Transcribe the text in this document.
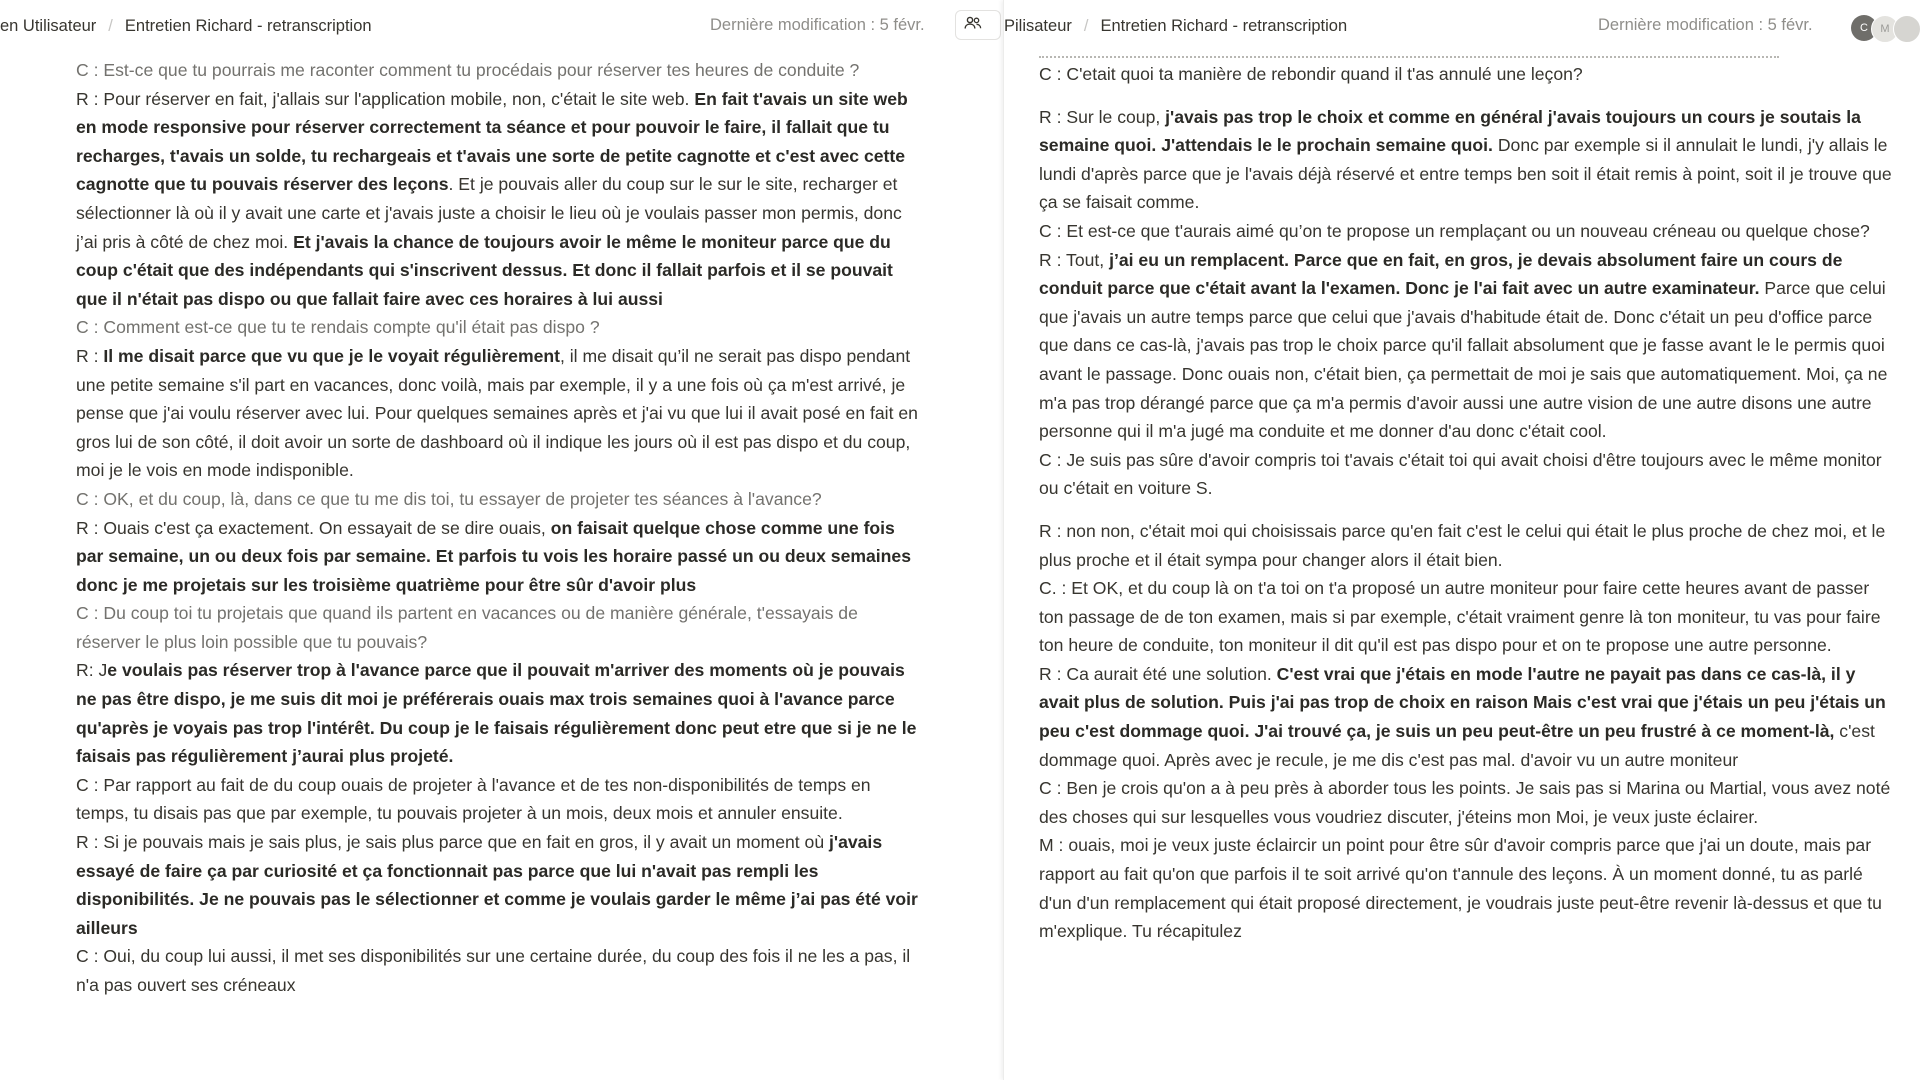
en Utilisateur / Entretien Richard - retranscription	Dernière modification : 5 févr.

C : Est-ce que tu pourrais me raconter comment tu procédais pour réserver tes heures de conduite ?

R : Pour réserver en fait, j'allais sur l'application mobile, non, c'était le site web. En fait t'avais un site web en mode responsive pour réserver correctement ta séance et pour pouvoir le faire, il fallait que tu recharges, t'avais un solde, tu rechargeais et t'avais une sorte de petite cagnotte et c'est avec cette cagnotte que tu pouvais réserver des leçons. Et je pouvais aller du coup sur le sur le site, recharger et sélectionner là où il y avait une carte et j'avais juste a choisir le lieu où je voulais passer mon permis, donc j’ai pris à côté de chez moi. Et j'avais la chance de toujours avoir le même le moniteur parce que du coup c'était que des indépendants qui s'inscrivent dessus. Et donc il fallait parfois et il se pouvait que il n'était pas dispo ou que fallait faire avec ces horaires à lui aussi

C : Comment est-ce que tu te rendais compte qu'il était pas dispo ?

R : Il me disait parce que vu que je le voyait régulièrement, il me disait qu’il ne serait pas dispo pendant une petite semaine s'il part en vacances, donc voilà, mais par exemple, il y a une fois où ça m'est arrivé, je pense que j'ai voulu réserver avec lui. Pour quelques semaines après et j'ai vu que lui il avait posé en fait en gros lui de son côté, il doit avoir un sorte de dashboard où il indique les jours où il est pas dispo et du coup, moi je le vois en mode indisponible.

C : OK, et du coup, là, dans ce que tu me dis toi, tu essayer de projeter tes séances à l'avance?

R : Ouais c'est ça exactement. On essayait de se dire ouais, on faisait quelque chose comme une fois par semaine, un ou deux fois par semaine. Et parfois tu vois les horaire passé un ou deux semaines donc je me projetais sur les troisième quatrième pour être sûr d'avoir plus

C : Du coup toi tu projetais que quand ils partent en vacances ou de manière générale, t'essayais de réserver le plus loin possible que tu pouvais?

R: Je voulais pas réserver trop à l'avance parce que il pouvait m'arriver des moments où je pouvais ne pas être dispo, je me suis dit moi je préférerais ouais max trois semaines quoi à l'avance parce qu'après je voyais pas trop l'intérêt. Du coup je le faisais régulièrement donc peut etre que si je ne le faisais pas régulièrement j’aurai plus projeté.

C : Par rapport au fait de du coup ouais de projeter à l'avance et de tes non-disponibilités de temps en temps, tu disais pas que par exemple, tu pouvais projeter à un mois, deux mois et annuler ensuite.

R : Si je pouvais mais je sais plus, je sais plus parce que en fait en gros, il y avait un moment où j'avais essayé de faire ça par curiosité et ça fonctionnait pas parce que lui n'avait pas rempli les disponibilités. Je ne pouvais pas le sélectionner et comme je voulais garder le même j’ai pas été voir ailleurs

C : Oui, du coup lui aussi, il met ses disponibilités sur une certaine durée, du coup des fois il ne les a pas, il n'a pas ouvert ses créneaux

Pilisateur / Entretien Richard - retranscription	Dernière modification : 5 févr.	C	M

C : C'etait quoi ta manière de rebondir quand il t'as annulé une leçon?

R : Sur le coup, j'avais pas trop le choix et comme en général j'avais toujours un cours je soutais la semaine quoi. J'attendais le le prochain semaine quoi. Donc par exemple si il annulait le lundi, j'y allais le lundi d'après parce que je l'avais déjà réservé et entre temps ben soit il était remis à point, soit il je trouve que ça se faisait comme.

C : Et est-ce que t'aurais aimé qu’on te propose un remplaçant ou un nouveau créneau ou quelque chose?

R : Tout, j’ai eu un remplacent. Parce que en fait, en gros, je devais absolument faire un cours de conduit parce que c'était avant la l'examen. Donc je l'ai fait avec un autre examinateur. Parce que celui que j'avais un autre temps parce que celui que j'avais d'habitude était de. Donc c'était un peu d'office parce que dans ce cas-là, j'avais pas trop le choix parce qu'il fallait absolument que je fasse avant le le permis quoi avant le passage. Donc ouais non, c'était bien, ça permettait de moi je sais que automatiquement. Moi, ça ne m'a pas trop dérangé parce que ça m'a permis d'avoir aussi une autre vision de une autre disons une autre personne qui il m'a jugé ma conduite et me donner d'au donc c'était cool.

C : Je suis pas sûre d'avoir compris toi t'avais c'était toi qui avait choisi d'être toujours avec le même monitor ou c'était en voiture S.

R : non non, c'était moi qui choisissais parce qu'en fait c'est le celui qui était le plus proche de chez moi, et le plus proche et il était sympa pour changer alors il était bien.

C. : Et OK, et du coup là on t'a toi on t'a proposé un autre moniteur pour faire cette heures avant de passer ton passage de de ton examen, mais si par exemple, c'était vraiment genre là ton moniteur, tu vas pour faire ton heure de conduite, ton moniteur il dit qu'il est pas dispo pour et on te propose une autre personne.

R : Ca aurait été une solution. C'est vrai que j'étais en mode l'autre ne payait pas dans ce cas-là, il y avait plus de solution. Puis j'ai pas trop de choix en raison Mais c'est vrai que j'étais un peu j'étais un peu c'est dommage quoi. J'ai trouvé ça, je suis un peu peut-être un peu frustré à ce moment-là, c'est dommage quoi. Après avec je recule, je me dis c'est pas mal. d'avoir vu un autre moniteur

C : Ben je crois qu'on a à peu près à aborder tous les points. Je sais pas si Marina ou Martial, vous avez noté des choses qui sur lesquelles vous voudriez discuter, j'éteins mon Moi, je veux juste éclairer.

M : ouais, moi je veux juste éclaircir un point pour être sûr d'avoir compris parce que j'ai un doute, mais par rapport au fait qu'on que parfois il te soit arrivé qu'on t'annule des leçons. À un moment donné, tu as parlé d'un d'un remplacement qui était proposé directement, je voudrais juste peut-être revenir là-dessus et que tu m'explique. Tu récapitulez
